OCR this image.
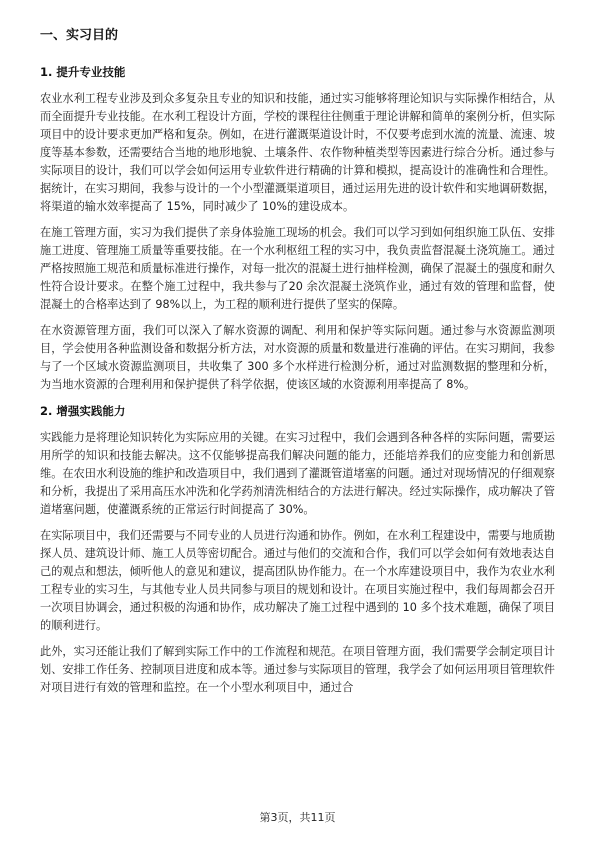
一、实习目的
1. 提升专业技能

农业水利工程专业涉及到众多复杂且专业的知识和技能，通过实习能够将理论知识与实际操作相结合，从而全面提升专业技能。在水利工程设计方面，学校的课程往往侧重于理论讲解和简单的案例分析，但实际项目中的设计要求更加严格和复杂。例如，在进行灌溉渠道设计时，不仅要考虑到水流的流量、流速、坡度等基本参数，还需要结合当地的地形地貌、土壤条件、农作物种植类型等因素进行综合分析。通过参与实际项目的设计，我们可以学会如何运用专业软件进行精确的计算和模拟，提高设计的准确性和合理性。据统计，在实习期间，我参与设计的一个小型灌溉渠道项目，通过运用先进的设计软件和实地调研数据，将渠道的输水效率提高了 15%，同时减少了 10%的建设成本。

在施工管理方面，实习为我们提供了亲身体验施工现场的机会。我们可以学习到如何组织施工队伍、安排施工进度、管理施工质量等重要技能。在一个水利枢纽工程的实习中，我负责监督混凝土浇筑施工。通过严格按照施工规范和质量标准进行操作，对每一批次的混凝土进行抽样检测，确保了混凝土的强度和耐久性符合设计要求。在整个施工过程中，我共参与了20 余次混凝土浇筑作业，通过有效的管理和监督，使混凝土的合格率达到了 98%以上，为工程的顺利进行提供了坚实的保障。

在水资源管理方面，我们可以深入了解水资源的调配、利用和保护等实际问题。通过参与水资源监测项目，学会使用各种监测设备和数据分析方法，对水资源的质量和数量进行准确的评估。在实习期间，我参与了一个区域水资源监测项目，共收集了 300 多个水样进行检测分析，通过对监测数据的整理和分析，为当地水资源的合理利用和保护提供了科学依据，使该区域的水资源利用率提高了 8%。

2. 增强实践能力

实践能力是将理论知识转化为实际应用的关键。在实习过程中，我们会遇到各种各样的实际问题，需要运用所学的知识和技能去解决。这不仅能够提高我们解决问题的能力，还能培养我们的应变能力和创新思维。在农田水利设施的维护和改造项目中，我们遇到了灌溉管道堵塞的问题。通过对现场情况的仔细观察和分析，我提出了采用高压水冲洗和化学药剂清洗相结合的方法进行解决。经过实际操作，成功解决了管道堵塞问题，使灌溉系统的正常运行时间提高了 30%。

在实际项目中，我们还需要与不同专业的人员进行沟通和协作。例如，在水利工程建设中，需要与地质勘探人员、建筑设计师、施工人员等密切配合。通过与他们的交流和合作，我们可以学会如何有效地表达自己的观点和想法，倾听他人的意见和建议，提高团队协作能力。在一个水库建设项目中，我作为农业水利工程专业的实习生，与其他专业人员共同参与项目的规划和设计。在项目实施过程中，我们每周都会召开一次项目协调会，通过积极的沟通和协作，成功解决了施工过程中遇到的 10 多个技术难题，确保了项目的顺利进行。

此外，实习还能让我们了解到实际工作中的工作流程和规范。在项目管理方面，我们需要学会制定项目计划、安排工作任务、控制项目进度和成本等。通过参与实际项目的管理，我学会了如何运用项目管理软件对项目进行有效的管理和监控。在一个小型水利项目中，通过合

第3页，共11页
